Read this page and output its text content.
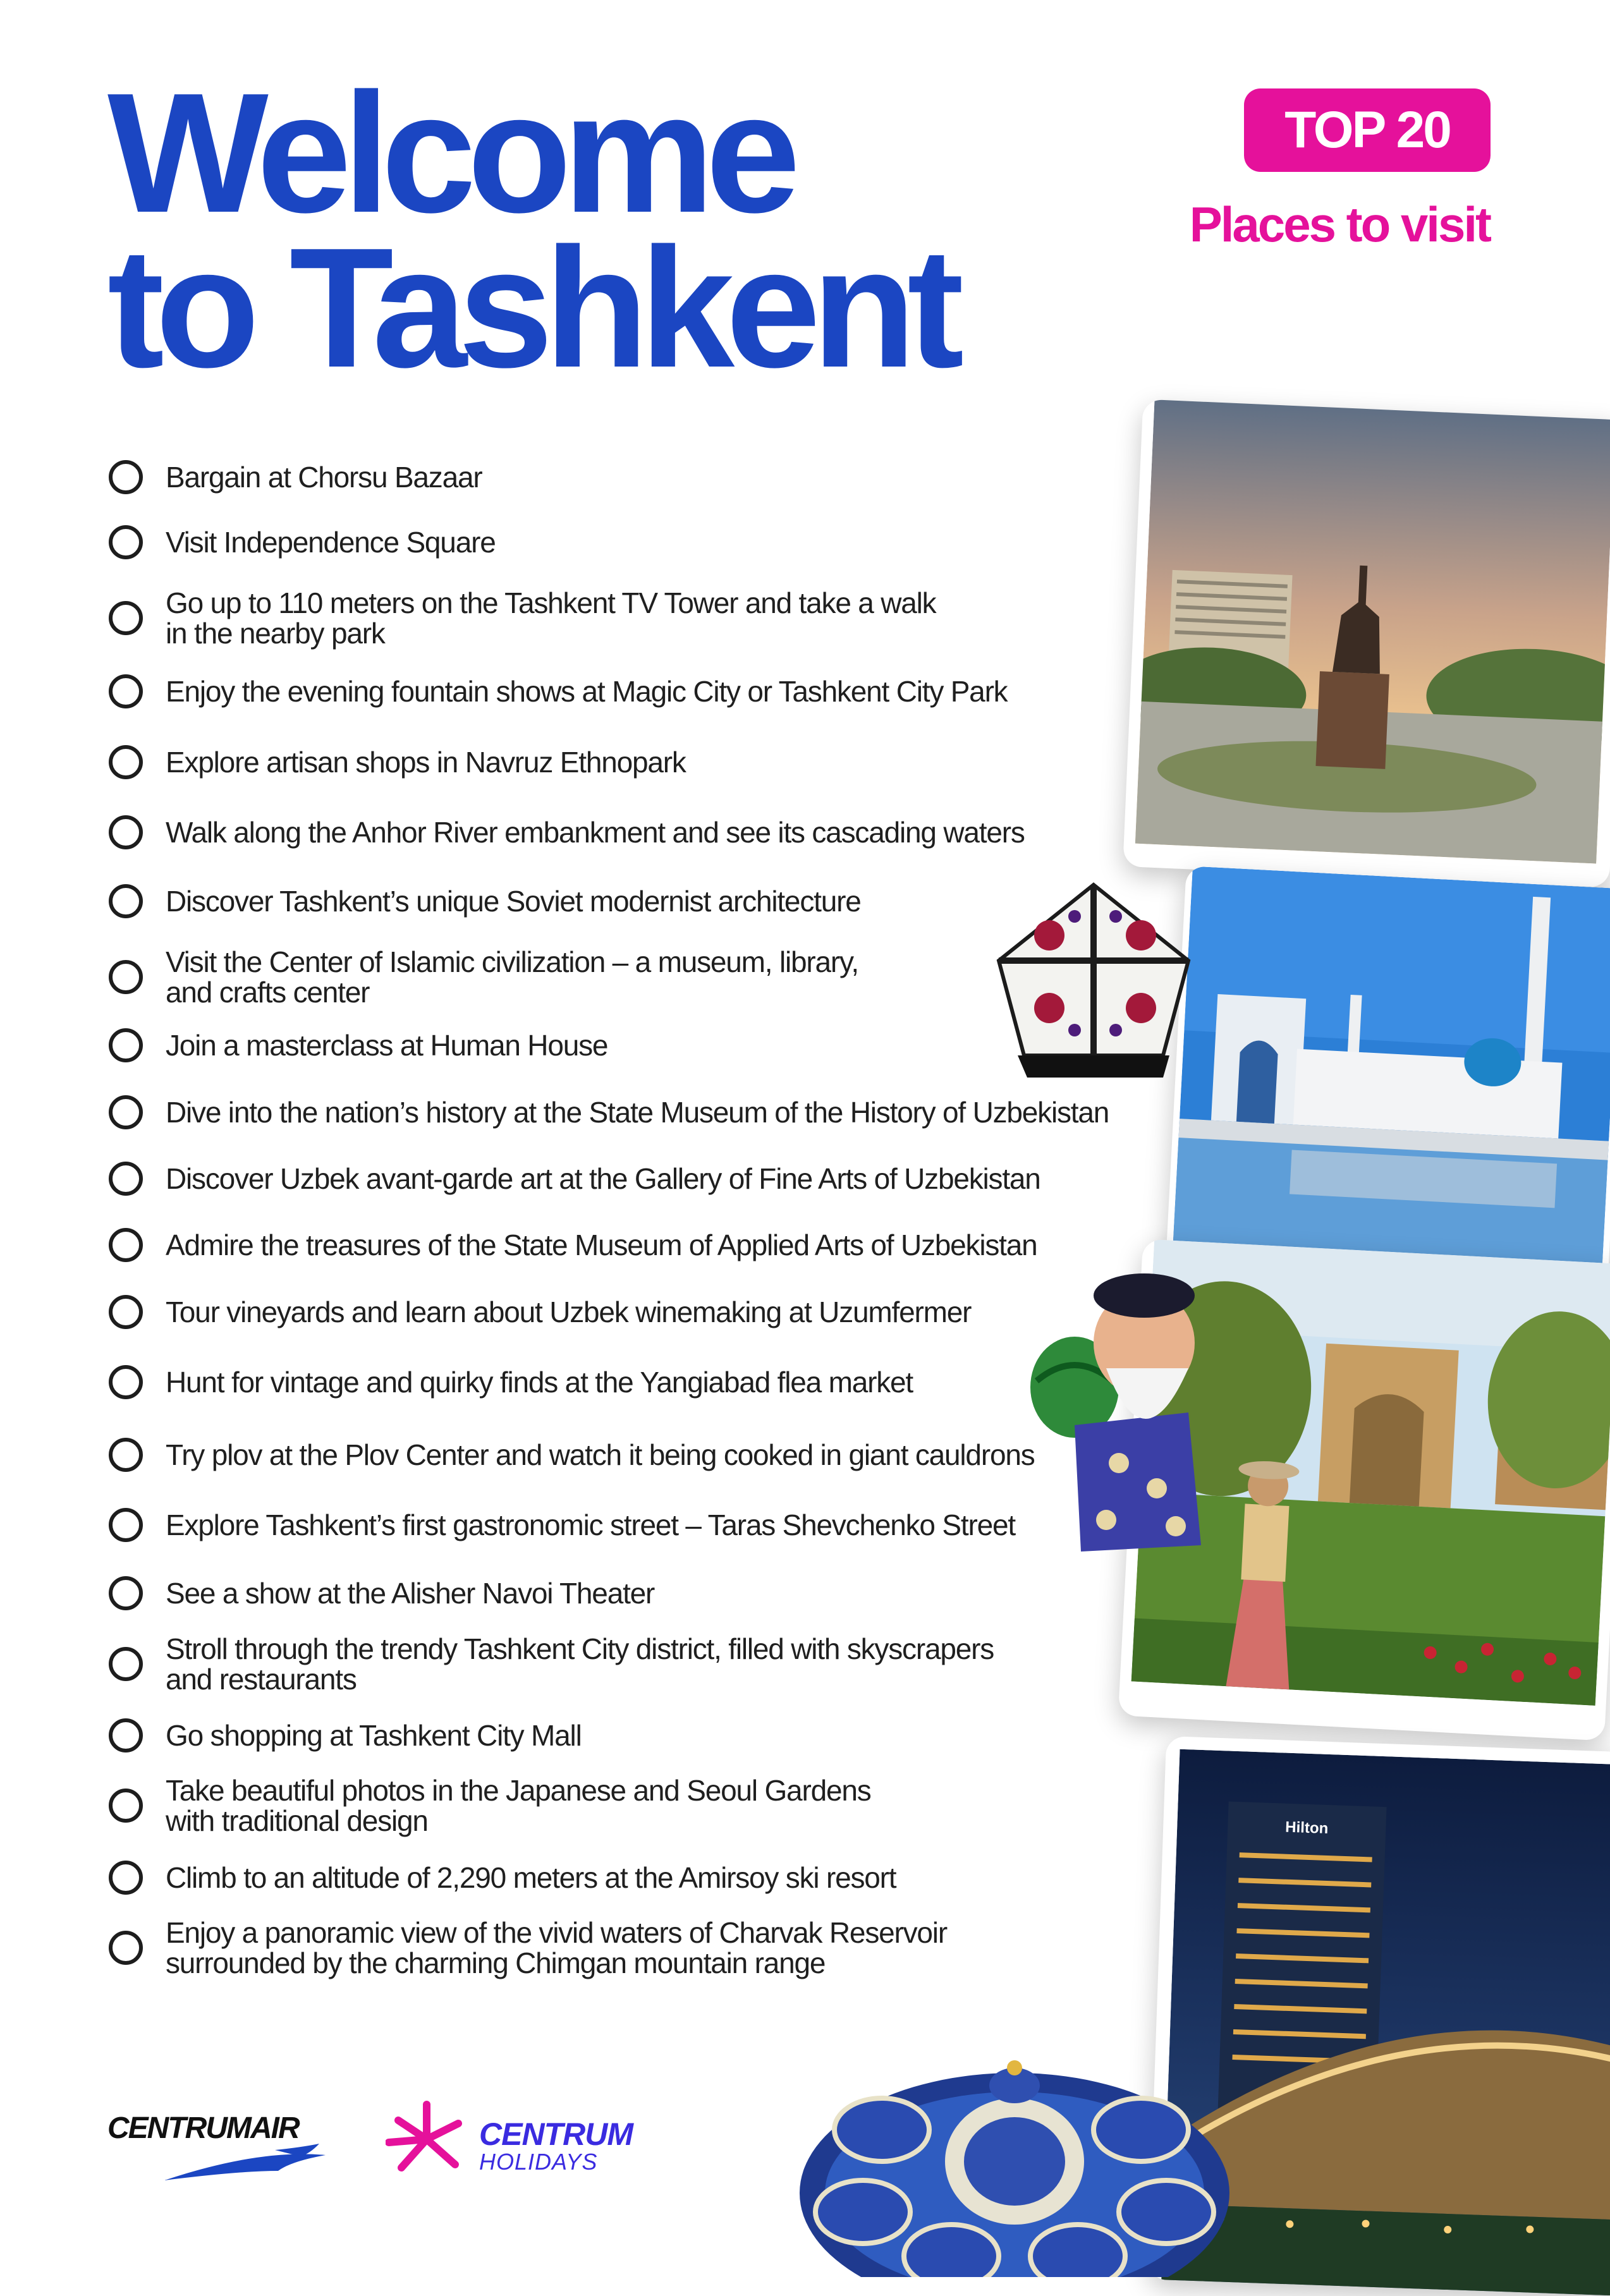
Welcome
to Tashkent
TOP 20
Places to visit
Bargain at Chorsu Bazaar
Visit Independence Square
Go up to 110 meters on the Tashkent TV Tower and take a walk
in the nearby park
Enjoy the evening fountain shows at Magic City or Tashkent City Park
Explore artisan shops in Navruz Ethnopark
Walk along the Anhor River embankment and see its cascading waters
Discover Tashkent’s unique Soviet modernist architecture
Visit the Center of Islamic civilization – a museum, library,
and crafts center
Join a masterclass at Human House
Dive into the nation’s history at the State Museum of the History of Uzbekistan
Discover Uzbek avant-garde art at the Gallery of Fine Arts of Uzbekistan
Admire the treasures of the State Museum of Applied Arts of Uzbekistan
Tour vineyards and learn about Uzbek winemaking at Uzumfermer
Hunt for vintage and quirky finds at the Yangiabad flea market
Try plov at the Plov Center and watch it being cooked in giant cauldrons
Explore Tashkent’s first gastronomic street – Taras Shevchenko Street
See a show at the Alisher Navoi Theater
Stroll through the trendy Tashkent City district, filled with skyscrapers
and restaurants
Go shopping at Tashkent City Mall
Take beautiful photos in the Japanese and Seoul Gardens
with traditional design
Climb to an altitude of 2,290 meters at the Amirsoy ski resort
Enjoy a panoramic view of the vivid waters of Charvak Reservoir
surrounded by the charming Chimgan mountain range
Hilton
CENTRUMAIR	CENTRUM
HOLIDAYS
